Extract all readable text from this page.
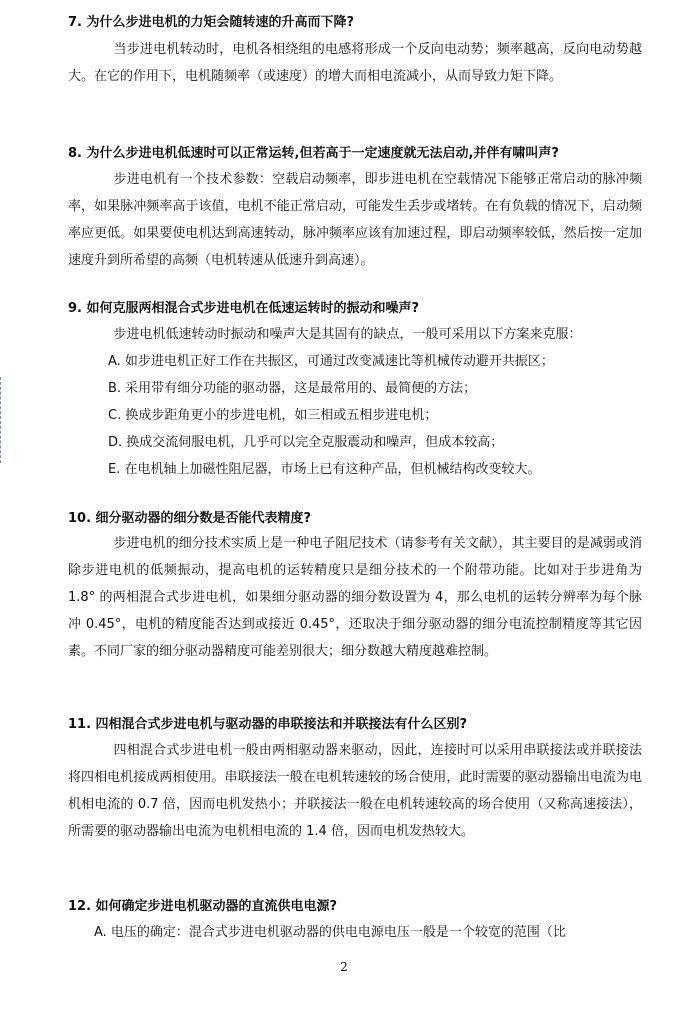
7. 为什么步进电机的力矩会随转速的升高而下降?
当步进电机转动时，电机各相绕组的电感将形成一个反向电动势；频率越高，反向电动势越大。在它的作用下，电机随频率（或速度）的增大而相电流减小，从而导致力矩下降。
8. 为什么步进电机低速时可以正常运转,但若高于一定速度就无法启动,并伴有啸叫声?
步进电机有一个技术参数：空载启动频率，即步进电机在空载情况下能够正常启动的脉冲频率，如果脉冲频率高于该值，电机不能正常启动，可能发生丢步或堵转。在有负载的情况下，启动频率应更低。如果要使电机达到高速转动，脉冲频率应该有加速过程，即启动频率较低，然后按一定加速度升到所希望的高频（电机转速从低速升到高速）。
9. 如何克服两相混合式步进电机在低速运转时的振动和噪声?
步进电机低速转动时振动和噪声大是其固有的缺点，一般可采用以下方案来克服：
A. 如步进电机正好工作在共振区，可通过改变减速比等机械传动避开共振区；
B. 采用带有细分功能的驱动器，这是最常用的、最简便的方法；
C. 换成步距角更小的步进电机，如三相或五相步进电机；
D. 换成交流伺服电机，几乎可以完全克服震动和噪声，但成本较高；
E. 在电机轴上加磁性阻尼器，市场上已有这种产品，但机械结构改变较大。
10. 细分驱动器的细分数是否能代表精度?
步进电机的细分技术实质上是一种电子阻尼技术（请参考有关文献），其主要目的是减弱或消除步进电机的低频振动，提高电机的运转精度只是细分技术的一个附带功能。比如对于步进角为 1.8° 的两相混合式步进电机，如果细分驱动器的细分数设置为 4，那么电机的运转分辨率为每个脉冲 0.45°，电机的精度能否达到或接近 0.45°，还取决于细分驱动器的细分电流控制精度等其它因素。不同厂家的细分驱动器精度可能差别很大；细分数越大精度越难控制。
11. 四相混合式步进电机与驱动器的串联接法和并联接法有什么区别?
四相混合式步进电机一般由两相驱动器来驱动，因此，连接时可以采用串联接法或并联接法将四相电机接成两相使用。串联接法一般在电机转速较的场合使用，此时需要的驱动器输出电流为电机相电流的 0.7 倍，因而电机发热小；并联接法一般在电机转速较高的场合使用（又称高速接法），所需要的驱动器输出电流为电机相电流的 1.4 倍，因而电机发热较大。
12. 如何确定步进电机驱动器的直流供电电源?
A. 电压的确定：混合式步进电机驱动器的供电电源电压一般是一个较宽的范围（比
2
